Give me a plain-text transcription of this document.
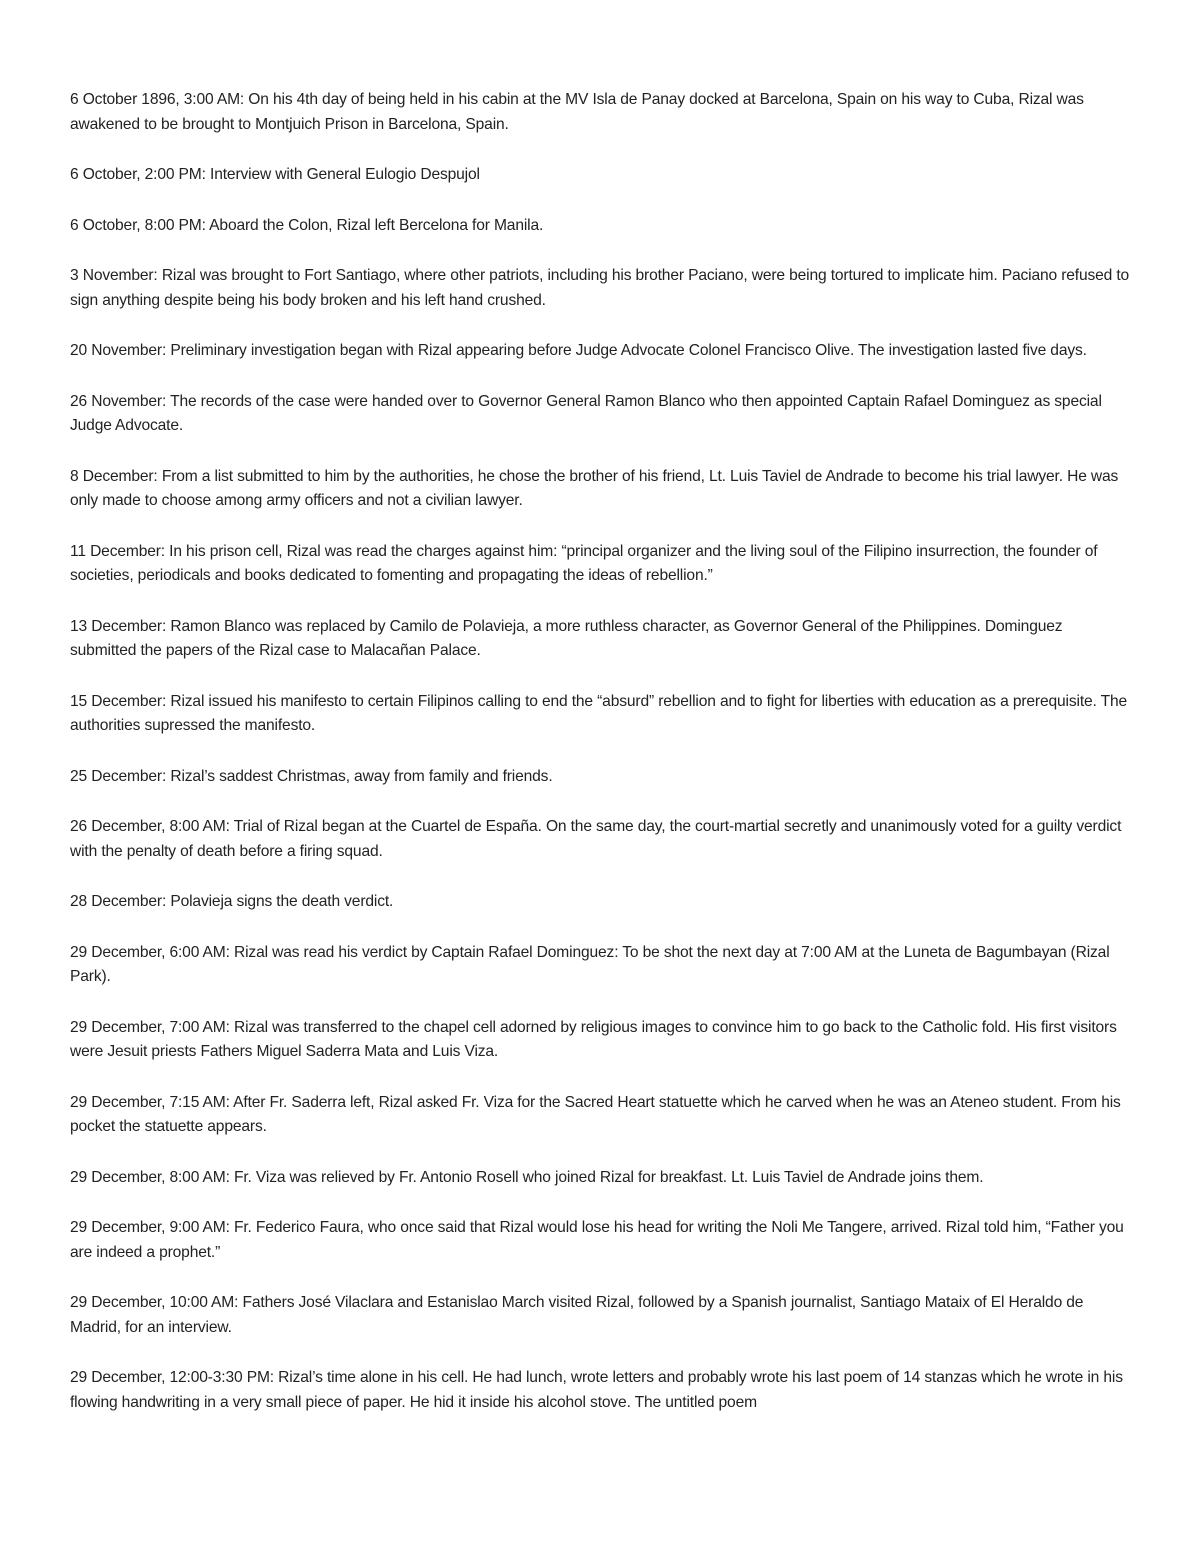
6 October 1896, 3:00 AM: On his 4th day of being held in his cabin at the MV Isla de Panay docked at Barcelona, Spain on his way to Cuba, Rizal was awakened to be brought to Montjuich Prison in Barcelona, Spain.

6 October, 2:00 PM: Interview with General Eulogio Despujol

6 October, 8:00 PM: Aboard the Colon, Rizal left Bercelona for Manila.

3 November: Rizal was brought to Fort Santiago, where other patriots, including his brother Paciano, were being tortured to implicate him. Paciano refused to sign anything despite being his body broken and his left hand crushed.

20 November: Preliminary investigation began with Rizal appearing before Judge Advocate Colonel Francisco Olive. The investigation lasted five days.

26 November: The records of the case were handed over to Governor General Ramon Blanco who then appointed Captain Rafael Dominguez as special Judge Advocate.

8 December: From a list submitted to him by the authorities, he chose the brother of his friend, Lt. Luis Taviel de Andrade to become his trial lawyer. He was only made to choose among army officers and not a civilian lawyer.

11 December: In his prison cell, Rizal was read the charges against him: “principal organizer and the living soul of the Filipino insurrection, the founder of societies, periodicals and books dedicated to fomenting and propagating the ideas of rebellion.”

13 December: Ramon Blanco was replaced by Camilo de Polavieja, a more ruthless character, as Governor General of the Philippines. Dominguez submitted the papers of the Rizal case to Malacañan Palace.

15 December: Rizal issued his manifesto to certain Filipinos calling to end the “absurd” rebellion and to fight for liberties with education as a prerequisite. The authorities supressed the manifesto.

25 December: Rizal’s saddest Christmas, away from family and friends.

26 December, 8:00 AM: Trial of Rizal began at the Cuartel de España. On the same day, the court-martial secretly and unanimously voted for a guilty verdict with the penalty of death before a firing squad.

28 December: Polavieja signs the death verdict.

29 December, 6:00 AM: Rizal was read his verdict by Captain Rafael Dominguez: To be shot the next day at 7:00 AM at the Luneta de Bagumbayan (Rizal Park).

29 December, 7:00 AM: Rizal was transferred to the chapel cell adorned by religious images to convince him to go back to the Catholic fold. His first visitors were Jesuit priests Fathers Miguel Saderra Mata and Luis Viza.

29 December, 7:15 AM: After Fr. Saderra left, Rizal asked Fr. Viza for the Sacred Heart statuette which he carved when he was an Ateneo student. From his pocket the statuette appears.

29 December, 8:00 AM: Fr. Viza was relieved by Fr. Antonio Rosell who joined Rizal for breakfast. Lt. Luis Taviel de Andrade joins them.

29 December, 9:00 AM: Fr. Federico Faura, who once said that Rizal would lose his head for writing the Noli Me Tangere, arrived. Rizal told him, “Father you are indeed a prophet.”

29 December, 10:00 AM: Fathers José Vilaclara and Estanislao March visited Rizal, followed by a Spanish journalist, Santiago Mataix of El Heraldo de Madrid, for an interview.

29 December, 12:00-3:30 PM: Rizal’s time alone in his cell. He had lunch, wrote letters and probably wrote his last poem of 14 stanzas which he wrote in his flowing handwriting in a very small piece of paper. He hid it inside his alcohol stove. The untitled poem
